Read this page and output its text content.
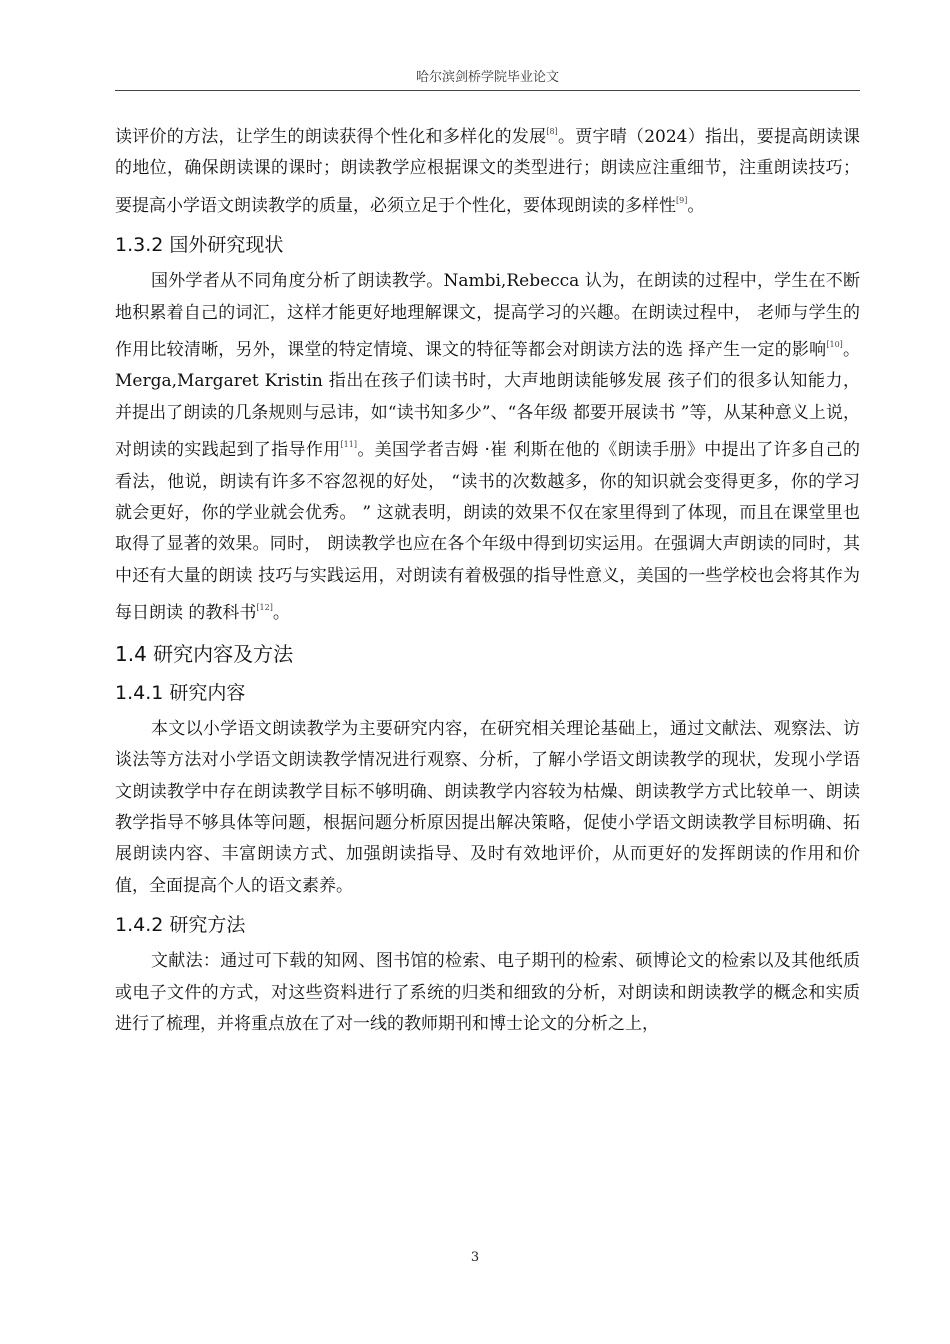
哈尔滨剑桥学院毕业论文

读评价的方法，让学生的朗读获得个性化和多样化的发展[8]。贾宇晴（2024）指出，要提高朗读课的地位，确保朗读课的课时；朗读教学应根据课文的类型进行；朗读应注重细节，注重朗读技巧；要提高小学语文朗读教学的质量，必须立足于个性化，要体现朗读的多样性[9]。

1.3.2 国外研究现状

国外学者从不同角度分析了朗读教学。Nambi,Rebecca 认为，在朗读的过程中，学生在不断地积累着自己的词汇，这样才能更好地理解课文，提高学习的兴趣。在朗读过程中， 老师与学生的作用比较清晰，另外，课堂的特定情境、课文的特征等都会对朗读方法的选 择产生一定的影响[10]。Merga,Margaret Kristin 指出在孩子们读书时，大声地朗读能够发展 孩子们的很多认知能力，并提出了朗读的几条规则与忌讳，如“读书知多少”、“各年级 都要开展读书 ”等，从某种意义上说，对朗读的实践起到了指导作用[11]。美国学者吉姆 ·崔 利斯在他的《朗读手册》中提出了许多自己的看法，他说，朗读有许多不容忽视的好处， “读书的次数越多，你的知识就会变得更多，你的学习就会更好，你的学业就会优秀。 ” 这就表明，朗读的效果不仅在家里得到了体现，而且在课堂里也取得了显著的效果。同时， 朗读教学也应在各个年级中得到切实运用。在强调大声朗读的同时，其中还有大量的朗读 技巧与实践运用，对朗读有着极强的指导性意义，美国的一些学校也会将其作为每日朗读 的教科书[12]。

1.4 研究内容及方法
1.4.1 研究内容

本文以小学语文朗读教学为主要研究内容，在研究相关理论基础上，通过文献法、观察法、访谈法等方法对小学语文朗读教学情况进行观察、分析，了解小学语文朗读教学的现状，发现小学语文朗读教学中存在朗读教学目标不够明确、朗读教学内容较为枯燥、朗读教学方式比较单一、朗读教学指导不够具体等问题，根据问题分析原因提出解决策略，促使小学语文朗读教学目标明确、拓展朗读内容、丰富朗读方式、加强朗读指导、及时有效地评价，从而更好的发挥朗读的作用和价值，全面提高个人的语文素养。

1.4.2 研究方法

文献法：通过可下载的知网、图书馆的检索、电子期刊的检索、硕博论文的检索以及其他纸质或电子文件的方式，对这些资料进行了系统的归类和细致的分析，对朗读和朗读教学的概念和实质进行了梳理，并将重点放在了对一线的教师期刊和博士论文的分析之上，

3
